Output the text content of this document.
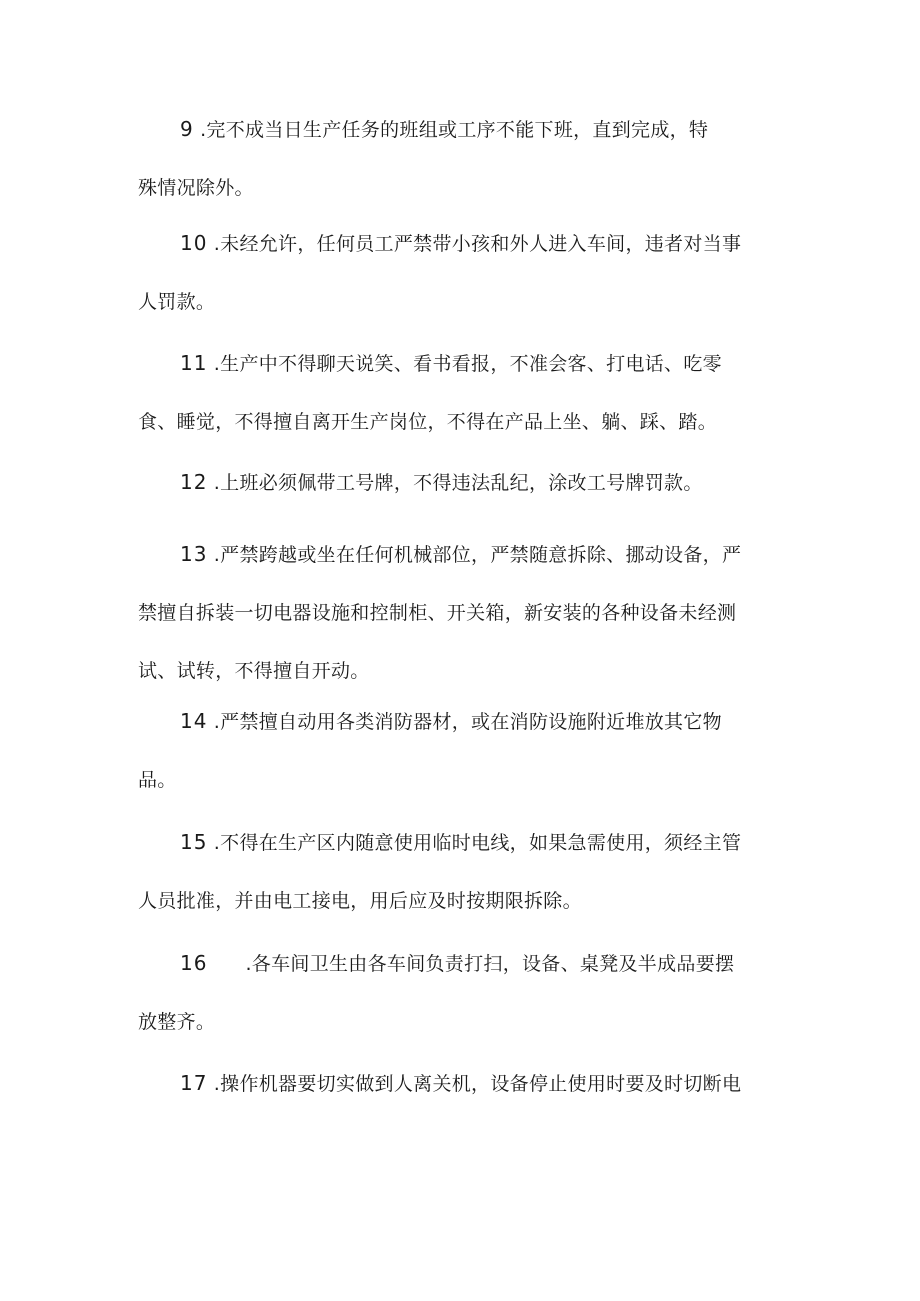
9 .完不成当日生产任务的班组或工序不能下班，直到完成，特
殊情况除外。
10 .未经允许，任何员工严禁带小孩和外人进入车间，违者对当事
人罚款。
11 .生产中不得聊天说笑、看书看报，不准会客、打电话、吃零
食、睡觉，不得擅自离开生产岗位，不得在产品上坐、躺、踩、踏。
12 .上班必须佩带工号牌，不得违法乱纪，涂改工号牌罚款。
13 .严禁跨越或坐在任何机械部位，严禁随意拆除、挪动设备，严
禁擅自拆装一切电器设施和控制柜、开关箱，新安装的各种设备未经测
试、试转，不得擅自开动。
14 .严禁擅自动用各类消防器材，或在消防设施附近堆放其它物
品。
15 .不得在生产区内随意使用临时电线，如果急需使用，须经主管
人员批准，并由电工接电，用后应及时按期限拆除。
16 .各车间卫生由各车间负责打扫，设备、桌凳及半成品要摆
放整齐。
17 .操作机器要切实做到人离关机，设备停止使用时要及时切断电
